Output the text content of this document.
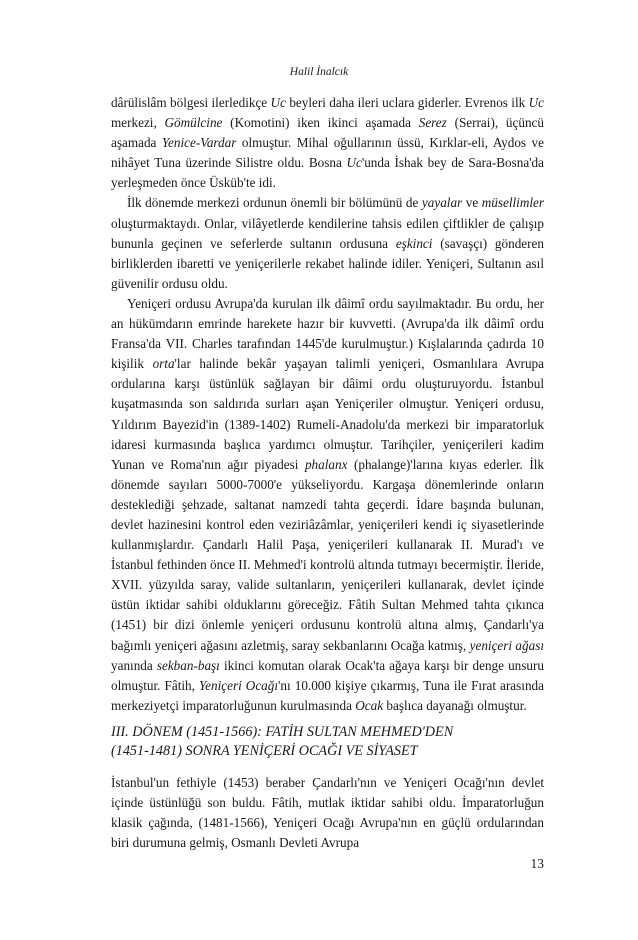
Halil İnalcık

dârülislâm bölgesi ilerledikçe Uc beyleri daha ileri uclara giderler. Evrenos ilk Uc merkezi, Gömülcine (Komotini) iken ikinci aşamada Serez (Serrai), üçüncü aşamada Yenice-Vardar olmuştur. Mihal oğullarının üssü, Kırklar-eli, Aydos ve nihâyet Tuna üzerinde Silistre oldu. Bosna Uc'unda İshak bey de Sara-Bosna'da yerleşmeden önce Üsküb'te idi.

İlk dönemde merkezi ordunun önemli bir bölümünü de yayalar ve müsellimler oluşturmaktaydı. Onlar, vilâyetlerde kendilerine tahsis edilen çiftlikler de çalışıp bununla geçinen ve seferlerde sultanın ordusuna eşkinci (savaşçı) gönderen birliklerden ibaretti ve yeniçerilerle rekabet halinde idiler. Yeniçeri, Sultanın asıl güvenilir ordusu oldu.

Yeniçeri ordusu Avrupa'da kurulan ilk dâimî ordu sayılmaktadır. Bu ordu, her an hükümdarın emrinde harekete hazır bir kuvvetti. (Avrupa'da ilk dâimî ordu Fransa'da VII. Charles tarafından 1445'de kurulmuştur.) Kışlalarında çadırda 10 kişilik orta'lar halinde bekâr yaşayan talimli yeniçeri, Osmanlılara Avrupa ordularına karşı üstünlük sağlayan bir dâimi ordu oluşturuyordu. İstanbul kuşatmasında son saldırıda surları aşan Yeniçeriler olmuştur. Yeniçeri ordusu, Yıldırım Bayezid'in (1389-1402) Rumeli-Anadolu'da merkezi bir imparatorluk idaresi kurmasında başlıca yardımcı olmuştur. Tarihçiler, yeniçerileri kadim Yunan ve Roma'nın ağır piyadesi phalanx (phalange)'larına kıyas ederler. İlk dönemde sayıları 5000-7000'e yükseliyordu. Kargaşa dönemlerinde onların desteklediği şehzade, saltanat namzedi tahta geçerdi. İdare başında bulunan, devlet hazinesini kontrol eden veziriâzâmlar, yeniçerileri kendi iç siyasetlerinde kullanmışlardır. Çandarlı Halil Paşa, yeniçerileri kullanarak II. Murad'ı ve İstanbul fethinden önce II. Mehmed'i kontrolü altında tutmayı becermiştir. İleride, XVII. yüzyılda saray, valide sultanların, yeniçerileri kullanarak, devlet içinde üstün iktidar sahibi olduklarını göreceğiz. Fâtih Sultan Mehmed tahta çıkınca (1451) bir dizi önlemle yeniçeri ordusunu kontrolü altına almış, Çandarlı'ya bağımlı yeniçeri ağasını azletmiş, saray sekbanlarını Ocağa katmış, yeniçeri ağası yanında sekban-başı ikinci komutan olarak Ocak'ta ağaya karşı bir denge unsuru olmuştur. Fâtih, Yeniçeri Ocağı'nı 10.000 kişiye çıkarmış, Tuna ile Fırat arasında merkeziyetçi imparatorluğunun kurulmasında Ocak başlıca dayanağı olmuştur.

III. DÖNEM (1451-1566): FATİH SULTAN MEHMED'DEN
(1451-1481) SONRA YENİÇERİ OCAĞI VE SİYASET

İstanbul'un fethiyle (1453) beraber Çandarlı'nın ve Yeniçeri Ocağı'nın devlet içinde üstünlüğü son buldu. Fâtih, mutlak iktidar sahibi oldu. İmparatorluğun klasik çağında, (1481-1566), Yeniçeri Ocağı Avrupa'nın en güçlü ordularından biri durumuna gelmiş, Osmanlı Devleti Avrupa

13
